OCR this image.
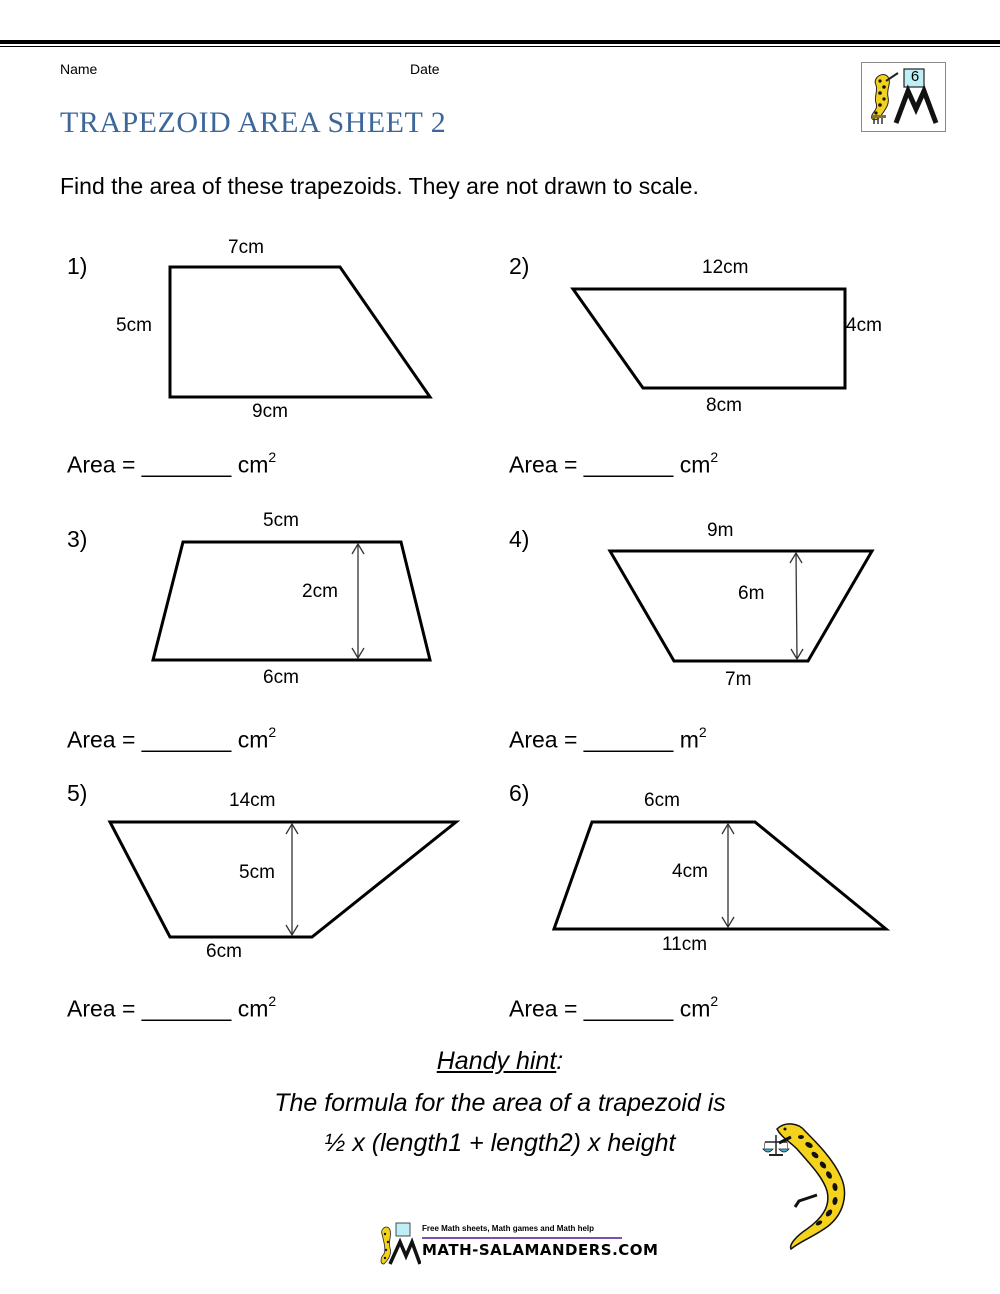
Name	Date
TRAPEZOID AREA SHEET 2
6
Find the area of these trapezoids. They are not drawn to scale.
1)
7cm
5cm
9cm
Area = _______ $cm^2$
2)	12cm
4cm
8cm
Area = _______ $cm^2$
3)
5cm
2cm
6cm
Area = _______ $cm^2$
4)	9m
6m
7m
Area = _______ $m^2$
5)	14cm
5cm
6cm
Area = _______ $cm^2$
6)	6cm
4cm
11cm
Area = _______ $cm^2$
Handy hint:
The formula for the area of a trapezoid is
½ x (length1 + length2) x height
Free Math sheets, Math games and Math help
MATH-SALAMANDERS.COM
